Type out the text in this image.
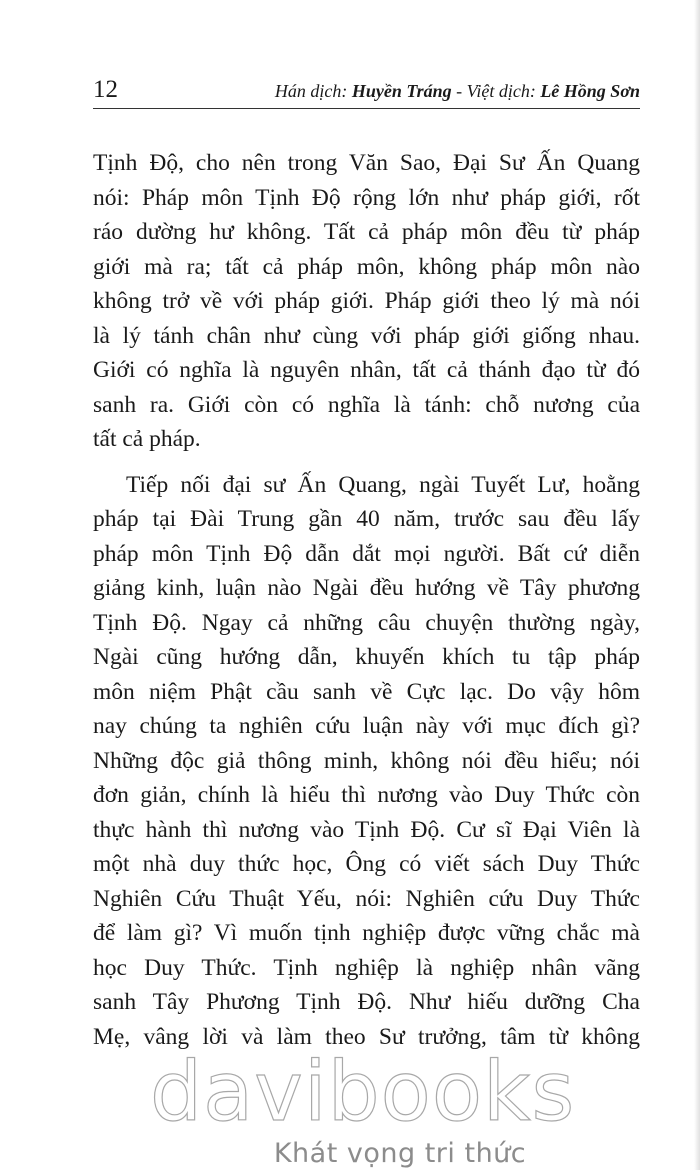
12	Hán dịch: Huyền Tráng - Việt dịch: Lê Hồng Sơn
Tịnh Độ, cho nên trong Văn Sao, Đại Sư Ấn Quang
nói: Pháp môn Tịnh Độ rộng lớn như pháp giới, rốt
ráo dường hư không. Tất cả pháp môn đều từ pháp
giới mà ra; tất cả pháp môn, không pháp môn nào
không trở về với pháp giới. Pháp giới theo lý mà nói
là lý tánh chân như cùng với pháp giới giống nhau.
Giới có nghĩa là nguyên nhân, tất cả thánh đạo từ đó
sanh ra. Giới còn có nghĩa là tánh: chỗ nương của
tất cả pháp.
Tiếp nối đại sư Ấn Quang, ngài Tuyết Lư, hoằng
pháp tại Đài Trung gần 40 năm, trước sau đều lấy
pháp môn Tịnh Độ dẫn dắt mọi người. Bất cứ diễn
giảng kinh, luận nào Ngài đều hướng về Tây phương
Tịnh Độ. Ngay cả những câu chuyện thường ngày,
Ngài cũng hướng dẫn, khuyến khích tu tập pháp
môn niệm Phật cầu sanh về Cực lạc. Do vậy hôm
nay chúng ta nghiên cứu luận này với mục đích gì?
Những độc giả thông minh, không nói đều hiểu; nói
đơn giản, chính là hiểu thì nương vào Duy Thức còn
thực hành thì nương vào Tịnh Độ. Cư sĩ Đại Viên là
một nhà duy thức học, Ông có viết sách Duy Thức
Nghiên Cứu Thuật Yếu, nói: Nghiên cứu Duy Thức
để làm gì? Vì muốn tịnh nghiệp được vững chắc mà
học Duy Thức. Tịnh nghiệp là nghiệp nhân vãng
sanh Tây Phương Tịnh Độ. Như hiếu dưỡng Cha
Mẹ, vâng lời và làm theo Sư trưởng, tâm từ không
davibooks
Khát vọng tri thức
